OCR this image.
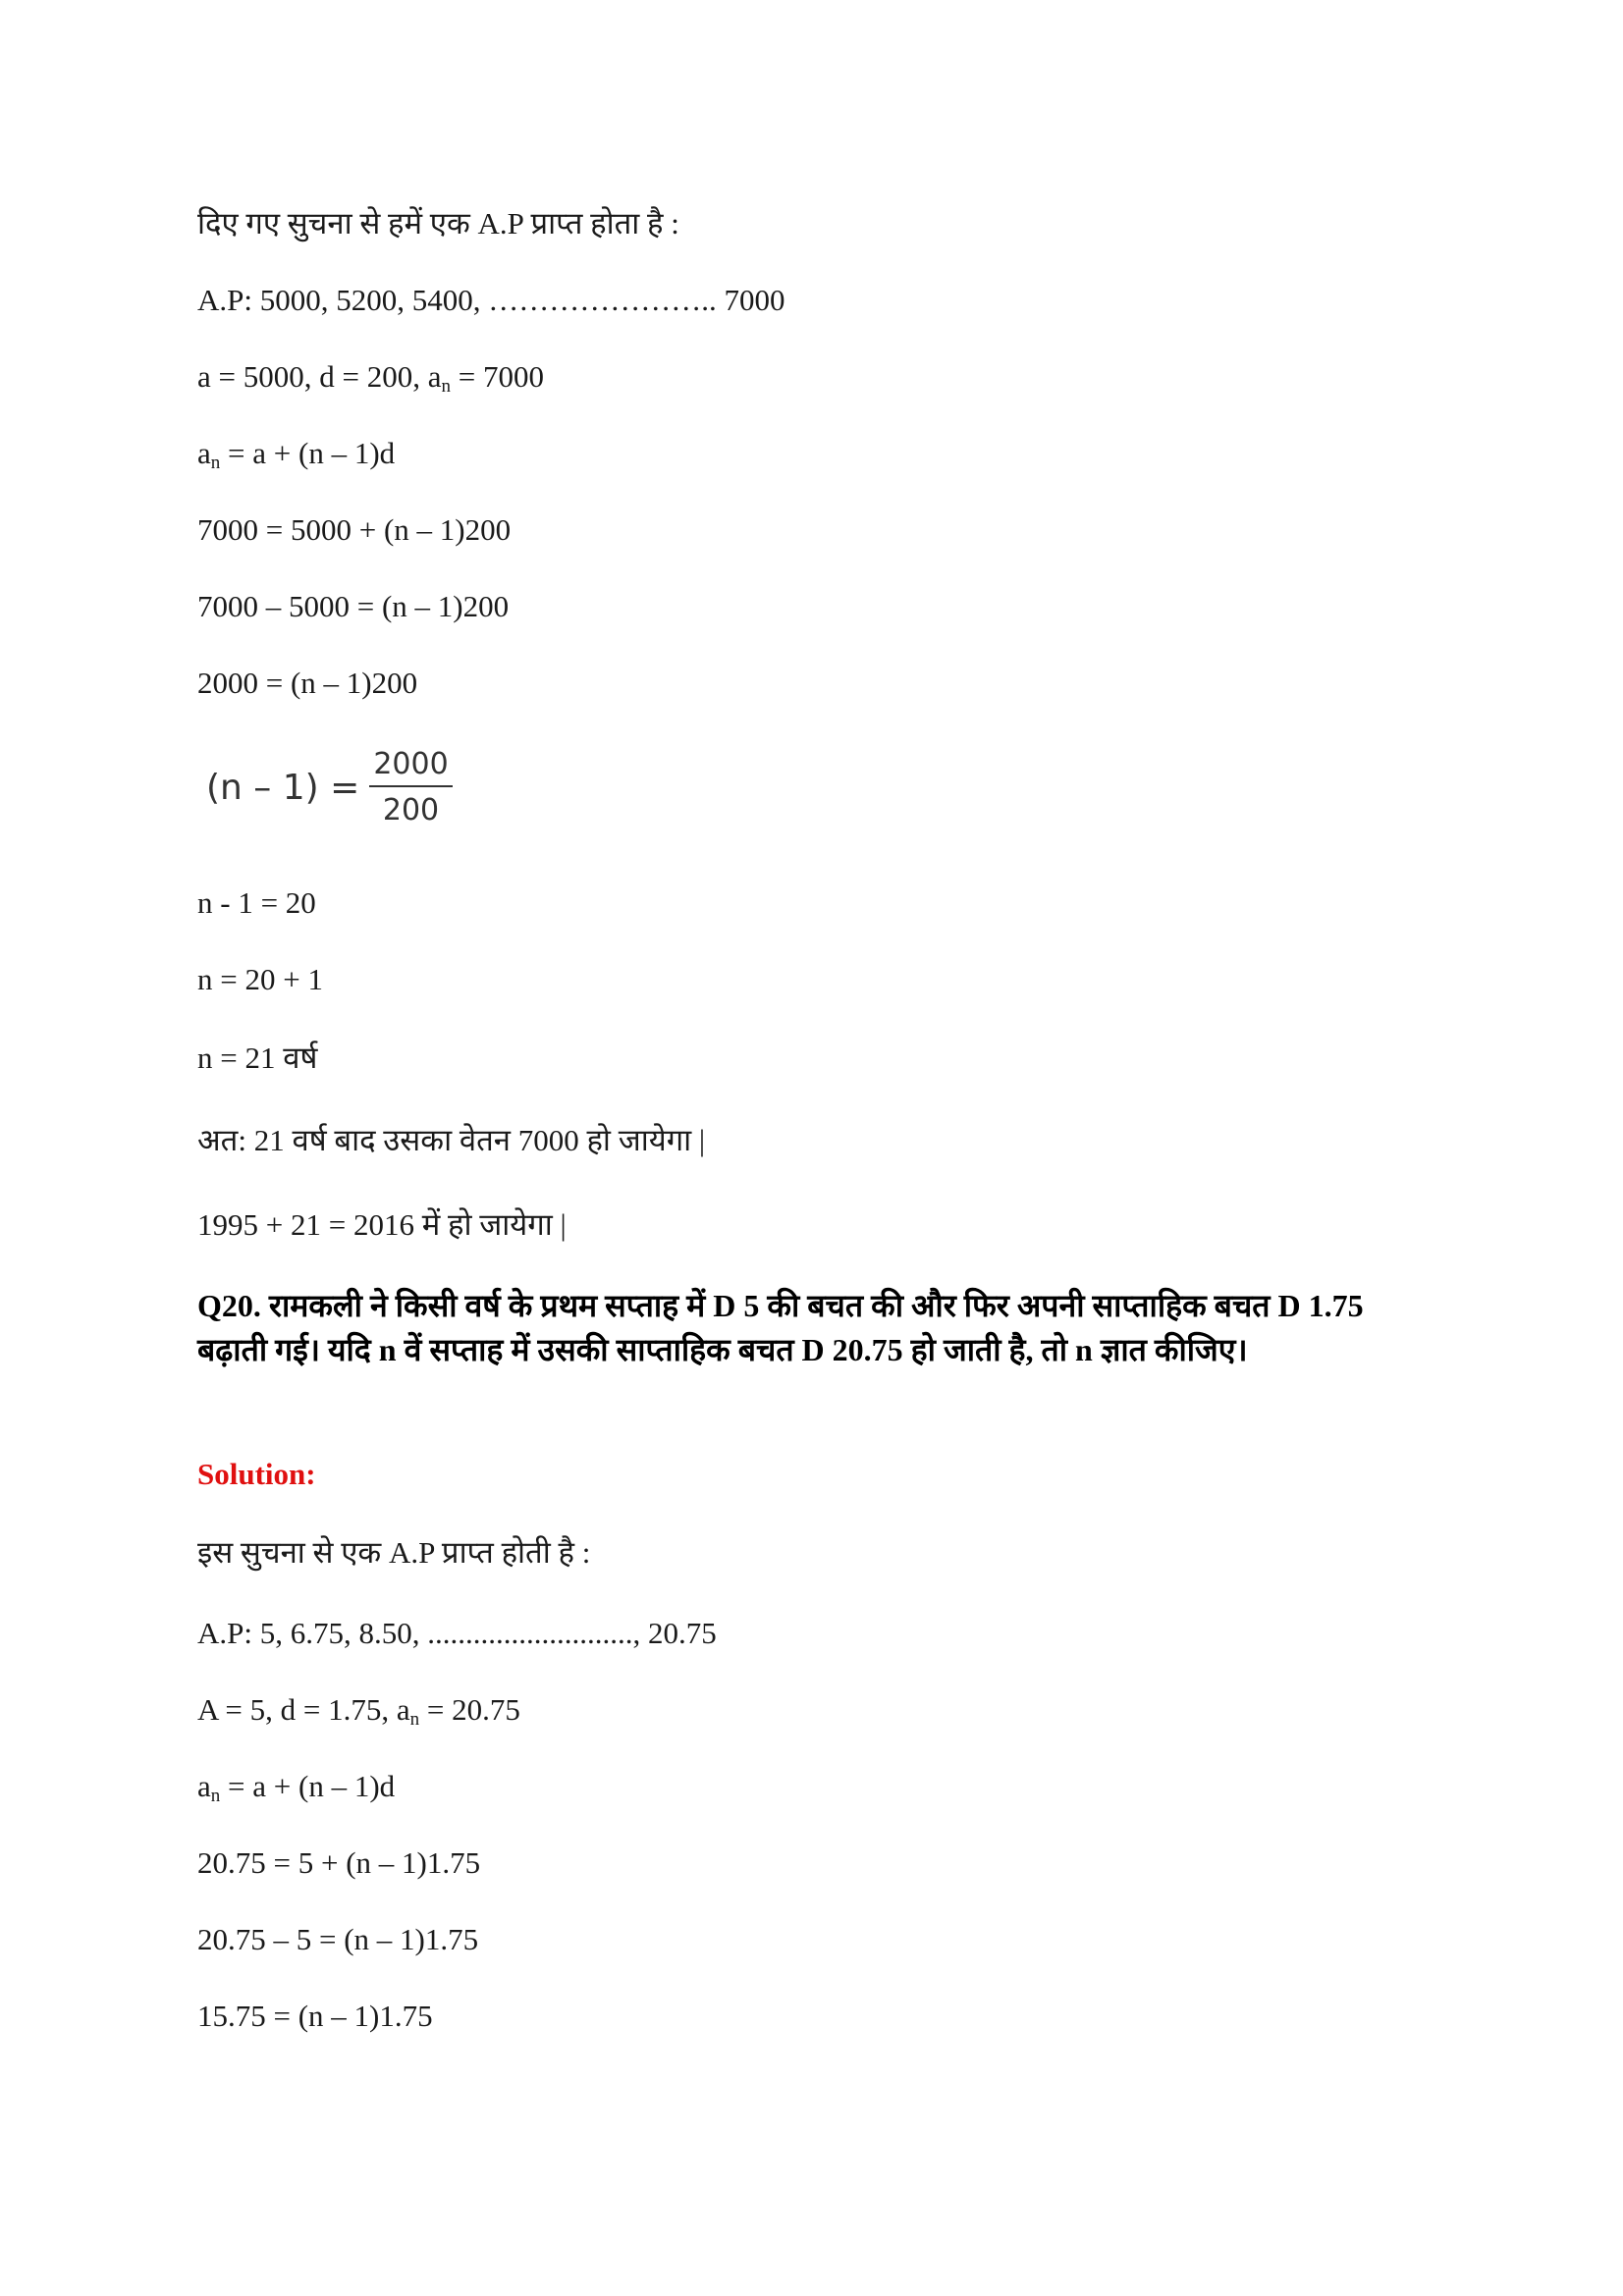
दिए गए सुचना से हमें एक A.P प्राप्त होता है :
A.P: 5000, 5200, 5400, ………………….. 7000
a = 5000, d = 200, $a_n = 7000$
$a_n = a + (n - 1)d$
7000 = 5000 + (n – 1)200
7000 – 5000 = (n – 1)200
2000 = (n – 1)200
$(n - 1) = \frac{2000}{200}$
n - 1 = 20
n = 20 + 1
n = 21 वर्ष
अत: 21 वर्ष बाद उसका वेतन 7000 हो जायेगा |
1995 + 21 = 2016 में हो जायेगा |
Q20. रामकली ने किसी वर्ष के प्रथम सप्ताह में D 5 की बचत की और फिर अपनी साप्ताहिक बचत D 1.75 बढ़ाती गई। यदि n वें सप्ताह में उसकी साप्ताहिक बचत D 20.75 हो जाती है, तो n ज्ञात कीजिए।
Solution:
इस सुचना से एक A.P प्राप्त होती है :
A.P: 5, 6.75, 8.50, ..........................., 20.75
A = 5, d = 1.75, $a_n = 20.75$
$a_n = a + (n - 1)d$
20.75 = 5 + (n – 1)1.75
20.75 – 5 = (n – 1)1.75
15.75 = (n – 1)1.75
